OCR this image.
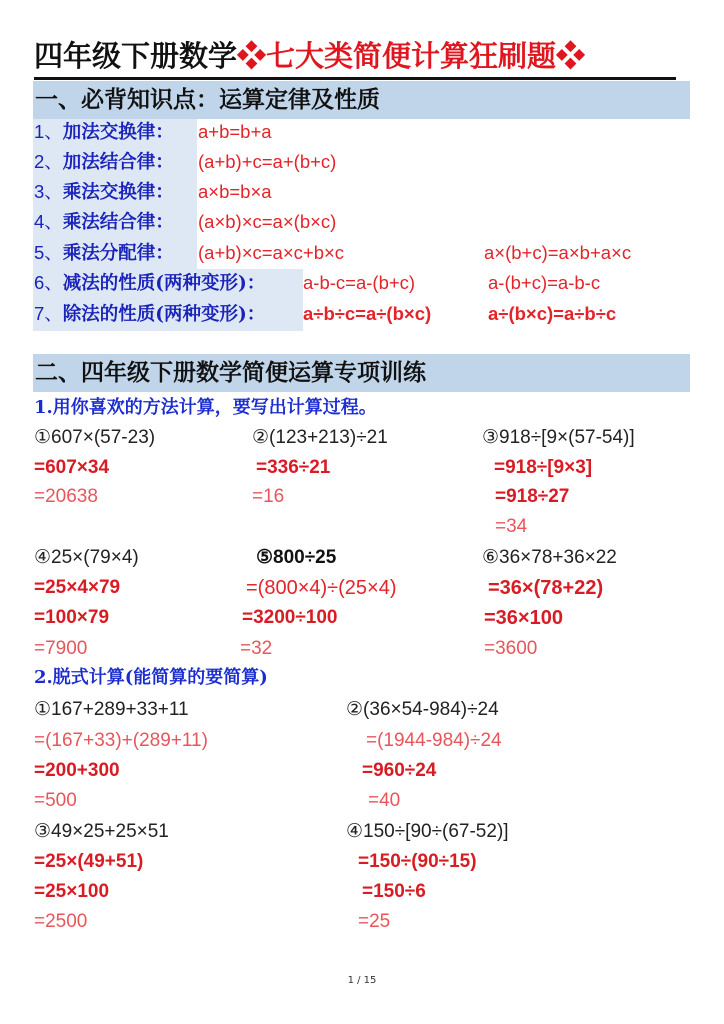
四年级下册数学❖七大类简便计算狂刷题❖
一、必背知识点：运算定律及性质
1、加法交换律： a+b=b+a
2、加法结合律： (a+b)+c=a+(b+c)
3、乘法交换律： a×b=b×a
4、乘法结合律： (a×b)×c=a×(b×c)
5、乘法分配律： (a+b)×c=a×c+b×c	a×(b+c)=a×b+a×c
6、减法的性质(两种变形)： a-b-c=a-(b+c)	a-(b+c)=a-b-c
7、除法的性质(两种变形)： a÷b÷c=a÷(b×c)	a÷(b×c)=a÷b÷c
二、四年级下册数学简便运算专项训练
1.用你喜欢的方法计算，要写出计算过程。
①607×(57-23)
=607×34
=20638
②(123+213)÷21
=336÷21
=16
③918÷[9×(57-54)]
=918÷[9×3]
=918÷27
=34
④25×(79×4)
=25×4×79
=100×79
=7900
⑤800÷25
=(800×4)÷(25×4)
=3200÷100
=32
⑥36×78+36×22
=36×(78+22)
=36×100
=3600
2.脱式计算(能简算的要简算)
①167+289+33+11
=(167+33)+(289+11)
=200+300
=500
②(36×54-984)÷24
=(1944-984)÷24
=960÷24
=40
③49×25+25×51
=25×(49+51)
=25×100
=2500
④150÷[90÷(67-52)]
=150÷(90÷15)
=150÷6
=25
1 / 15
